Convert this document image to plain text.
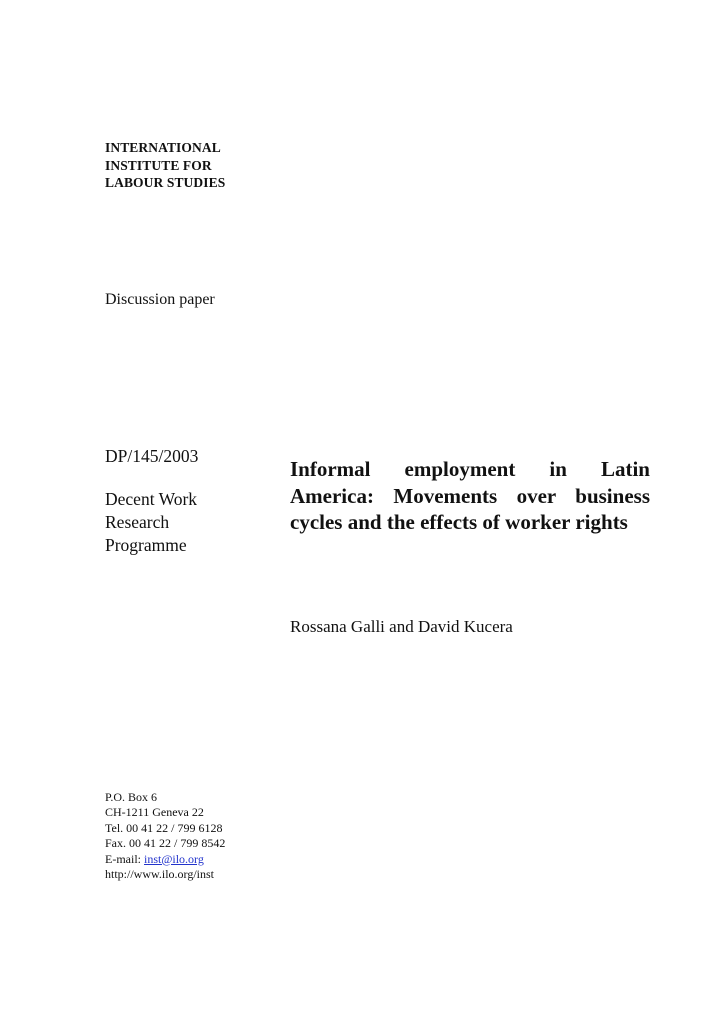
INTERNATIONAL
INSTITUTE FOR
LABOUR STUDIES
Discussion paper
DP/145/2003
Decent Work
Research
Programme
Informal employment in Latin America: Movements over business cycles and the effects of worker rights
Rossana Galli and David Kucera
P.O. Box 6
CH-1211 Geneva 22
Tel. 00 41 22 / 799 6128
Fax. 00 41 22 / 799 8542
E-mail: inst@ilo.org
http://www.ilo.org/inst
